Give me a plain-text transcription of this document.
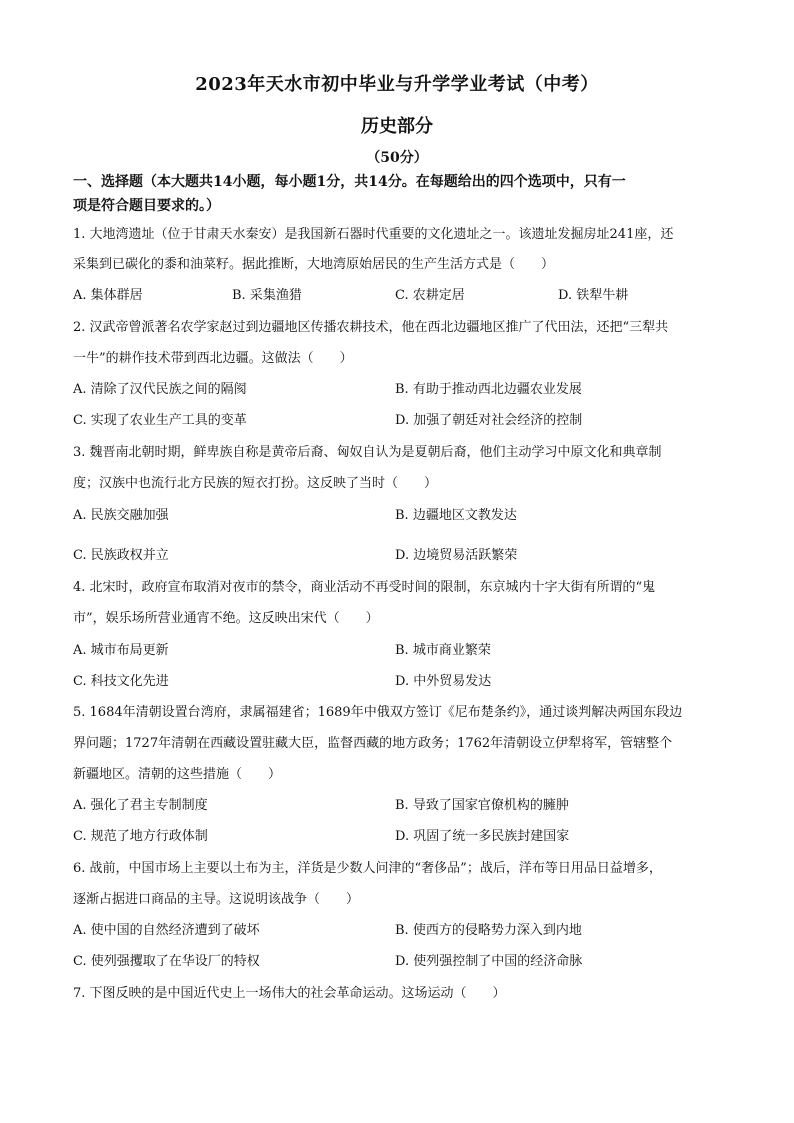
2023年天水市初中毕业与升学学业考试（中考）
历史部分
（50分）
一、选择题（本大题共14小题，每小题1分，共14分。在每题给出的四个选项中，只有一
项是符合题目要求的。）
1. 大地湾遗址（位于甘肃天水秦安）是我国新石器时代重要的文化遗址之一。该遗址发掘房址241座，还
采集到已碳化的黍和油菜籽。据此推断，大地湾原始居民的生产生活方式是（　　）
A. 集体群居	B. 采集渔猎	C. 农耕定居	D. 铁犁牛耕
2. 汉武帝曾派著名农学家赵过到边疆地区传播农耕技术，他在西北边疆地区推广了代田法，还把“三犁共
一牛”的耕作技术带到西北边疆。这做法（　　）
A. 清除了汉代民族之间的隔阂	B. 有助于推动西北边疆农业发展
C. 实现了农业生产工具的变革	D. 加强了朝廷对社会经济的控制
3. 魏晋南北朝时期，鲜卑族自称是黄帝后裔、匈奴自认为是夏朝后裔，他们主动学习中原文化和典章制
度；汉族中也流行北方民族的短衣打扮。这反映了当时（　　）
A. 民族交融加强	B. 边疆地区文教发达
C. 民族政权并立	D. 边境贸易活跃繁荣
4. 北宋时，政府宣布取消对夜市的禁令，商业活动不再受时间的限制，东京城内十字大街有所谓的“鬼
市”，娱乐场所营业通宵不绝。这反映出宋代（　　）
A. 城市布局更新	B. 城市商业繁荣
C. 科技文化先进	D. 中外贸易发达
5. 1684年清朝设置台湾府，隶属福建省；1689年中俄双方签订《尼布楚条约》，通过谈判解决两国东段边
界问题；1727年清朝在西藏设置驻藏大臣，监督西藏的地方政务；1762年清朝设立伊犁将军，管辖整个
新疆地区。清朝的这些措施（　　）
A. 强化了君主专制制度	B. 导致了国家官僚机构的臃肿
C. 规范了地方行政体制	D. 巩固了统一多民族封建国家
6. 战前，中国市场上主要以土布为主，洋货是少数人问津的“奢侈品”；战后，洋布等日用品日益增多，
逐渐占据进口商品的主导。这说明该战争（　　）
A. 使中国的自然经济遭到了破坏	B. 使西方的侵略势力深入到内地
C. 使列强攫取了在华设厂的特权	D. 使列强控制了中国的经济命脉
7. 下图反映的是中国近代史上一场伟大的社会革命运动。这场运动（　　）
